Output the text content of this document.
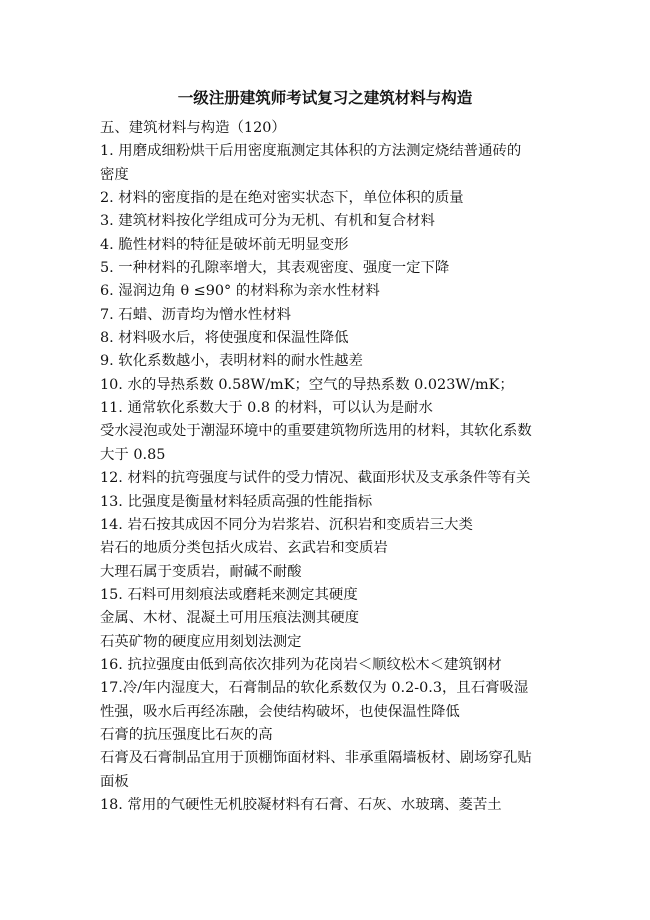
一级注册建筑师考试复习之建筑材料与构造
五、建筑材料与构造（120）
1. 用磨成细粉烘干后用密度瓶测定其体积的方法测定烧结普通砖的
密度
2. 材料的密度指的是在绝对密实状态下，单位体积的质量
3. 建筑材料按化学组成可分为无机、有机和复合材料
4. 脆性材料的特征是破坏前无明显变形
5. 一种材料的孔隙率增大，其表观密度、强度一定下降
6. 湿润边角 θ ≤90° 的材料称为亲水性材料
7. 石蜡、沥青均为憎水性材料
8. 材料吸水后，将使强度和保温性降低
9. 软化系数越小，表明材料的耐水性越差
10. 水的导热系数 0.58W/mK；空气的导热系数 0.023W/mK；
11. 通常软化系数大于 0.8 的材料，可以认为是耐水
受水浸泡或处于潮湿环境中的重要建筑物所选用的材料，其软化系数
大于 0.85
12. 材料的抗弯强度与试件的受力情况、截面形状及支承条件等有关
13. 比强度是衡量材料轻质高强的性能指标
14. 岩石按其成因不同分为岩浆岩、沉积岩和变质岩三大类
岩石的地质分类包括火成岩、玄武岩和变质岩
大理石属于变质岩，耐碱不耐酸
15. 石料可用刻痕法或磨耗来测定其硬度
金属、木材、混凝土可用压痕法测其硬度
石英矿物的硬度应用刻划法测定
16. 抗拉强度由低到高依次排列为花岗岩＜顺纹松木＜建筑钢材
17.冷/年内湿度大，石膏制品的软化系数仅为 0.2-0.3，且石膏吸湿
性强，吸水后再经冻融，会使结构破坏，也使保温性降低
石膏的抗压强度比石灰的高
石膏及石膏制品宜用于顶棚饰面材料、非承重隔墙板材、剧场穿孔贴
面板
18. 常用的气硬性无机胶凝材料有石膏、石灰、水玻璃、菱苦土
